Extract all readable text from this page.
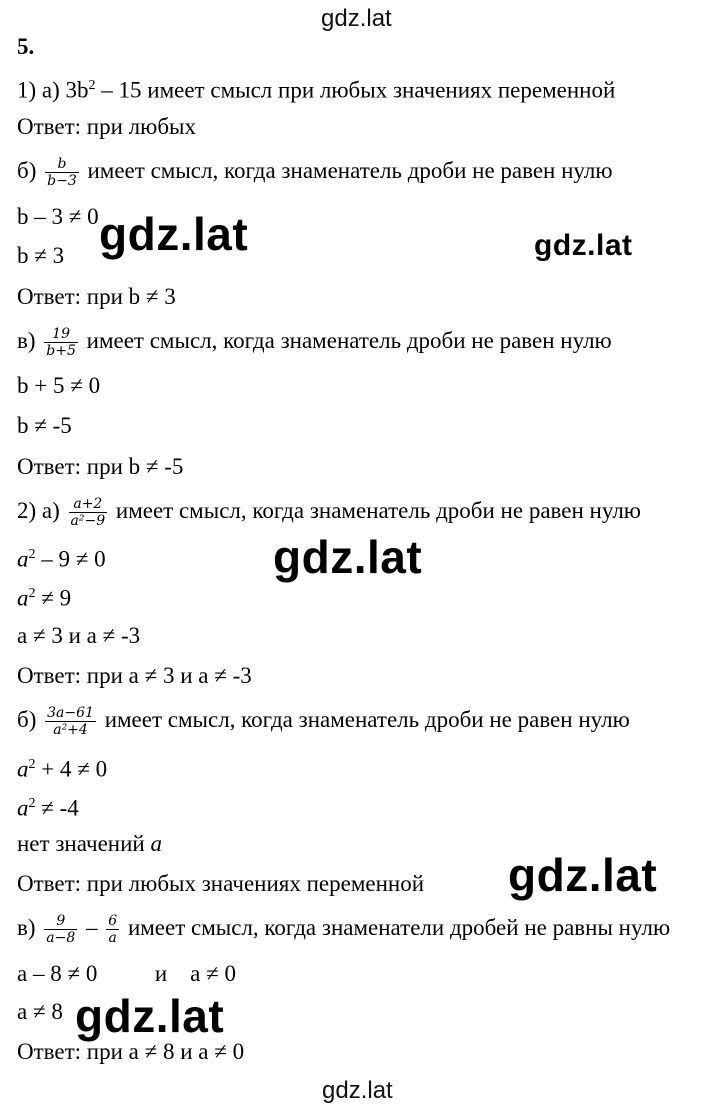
gdz.lat
gdz.lat	gdz.lat
gdz.lat
gdz.lat
gdz.lat
gdz.lat
5.
1) а) $3b^2 - 15$ имеет смысл при любых значениях переменной
Ответ: при любых
$б) \frac{b}{b-3}$ имеет смысл, когда знаменатель дроби не равен нулю
b – 3 ≠ 0
b ≠ 3
Ответ: при b ≠ 3
$в) \frac{19}{b+5}$ имеет смысл, когда знаменатель дроби не равен нулю
b + 5 ≠ 0
b ≠ -5
Ответ: при b ≠ -5
2) $а) \frac{a+2}{\text{a²−9}}$ имеет смысл, когда знаменатель дроби не равен нулю
$a^2 - 9 \ne 0$
$a^2 \ne 9$
a ≠ 3 и a ≠ -3
Ответ: при a ≠ 3 и a ≠ -3
$б) \frac{3a-61}{\text{a²+4}}$ имеет смысл, когда знаменатель дроби не равен нулю
$a^2 + 4 \ne 0$
$a^2 \ne -4$
нет значений a
Ответ: при любых значениях переменной
$в) \frac{9}{a-8} - \frac{6}{a}$ имеет смысл, когда знаменатели дробей не равны нулю
a – 8 ≠ 0          и    a ≠ 0
a ≠ 8
Ответ: при a ≠ 8 и a ≠ 0
